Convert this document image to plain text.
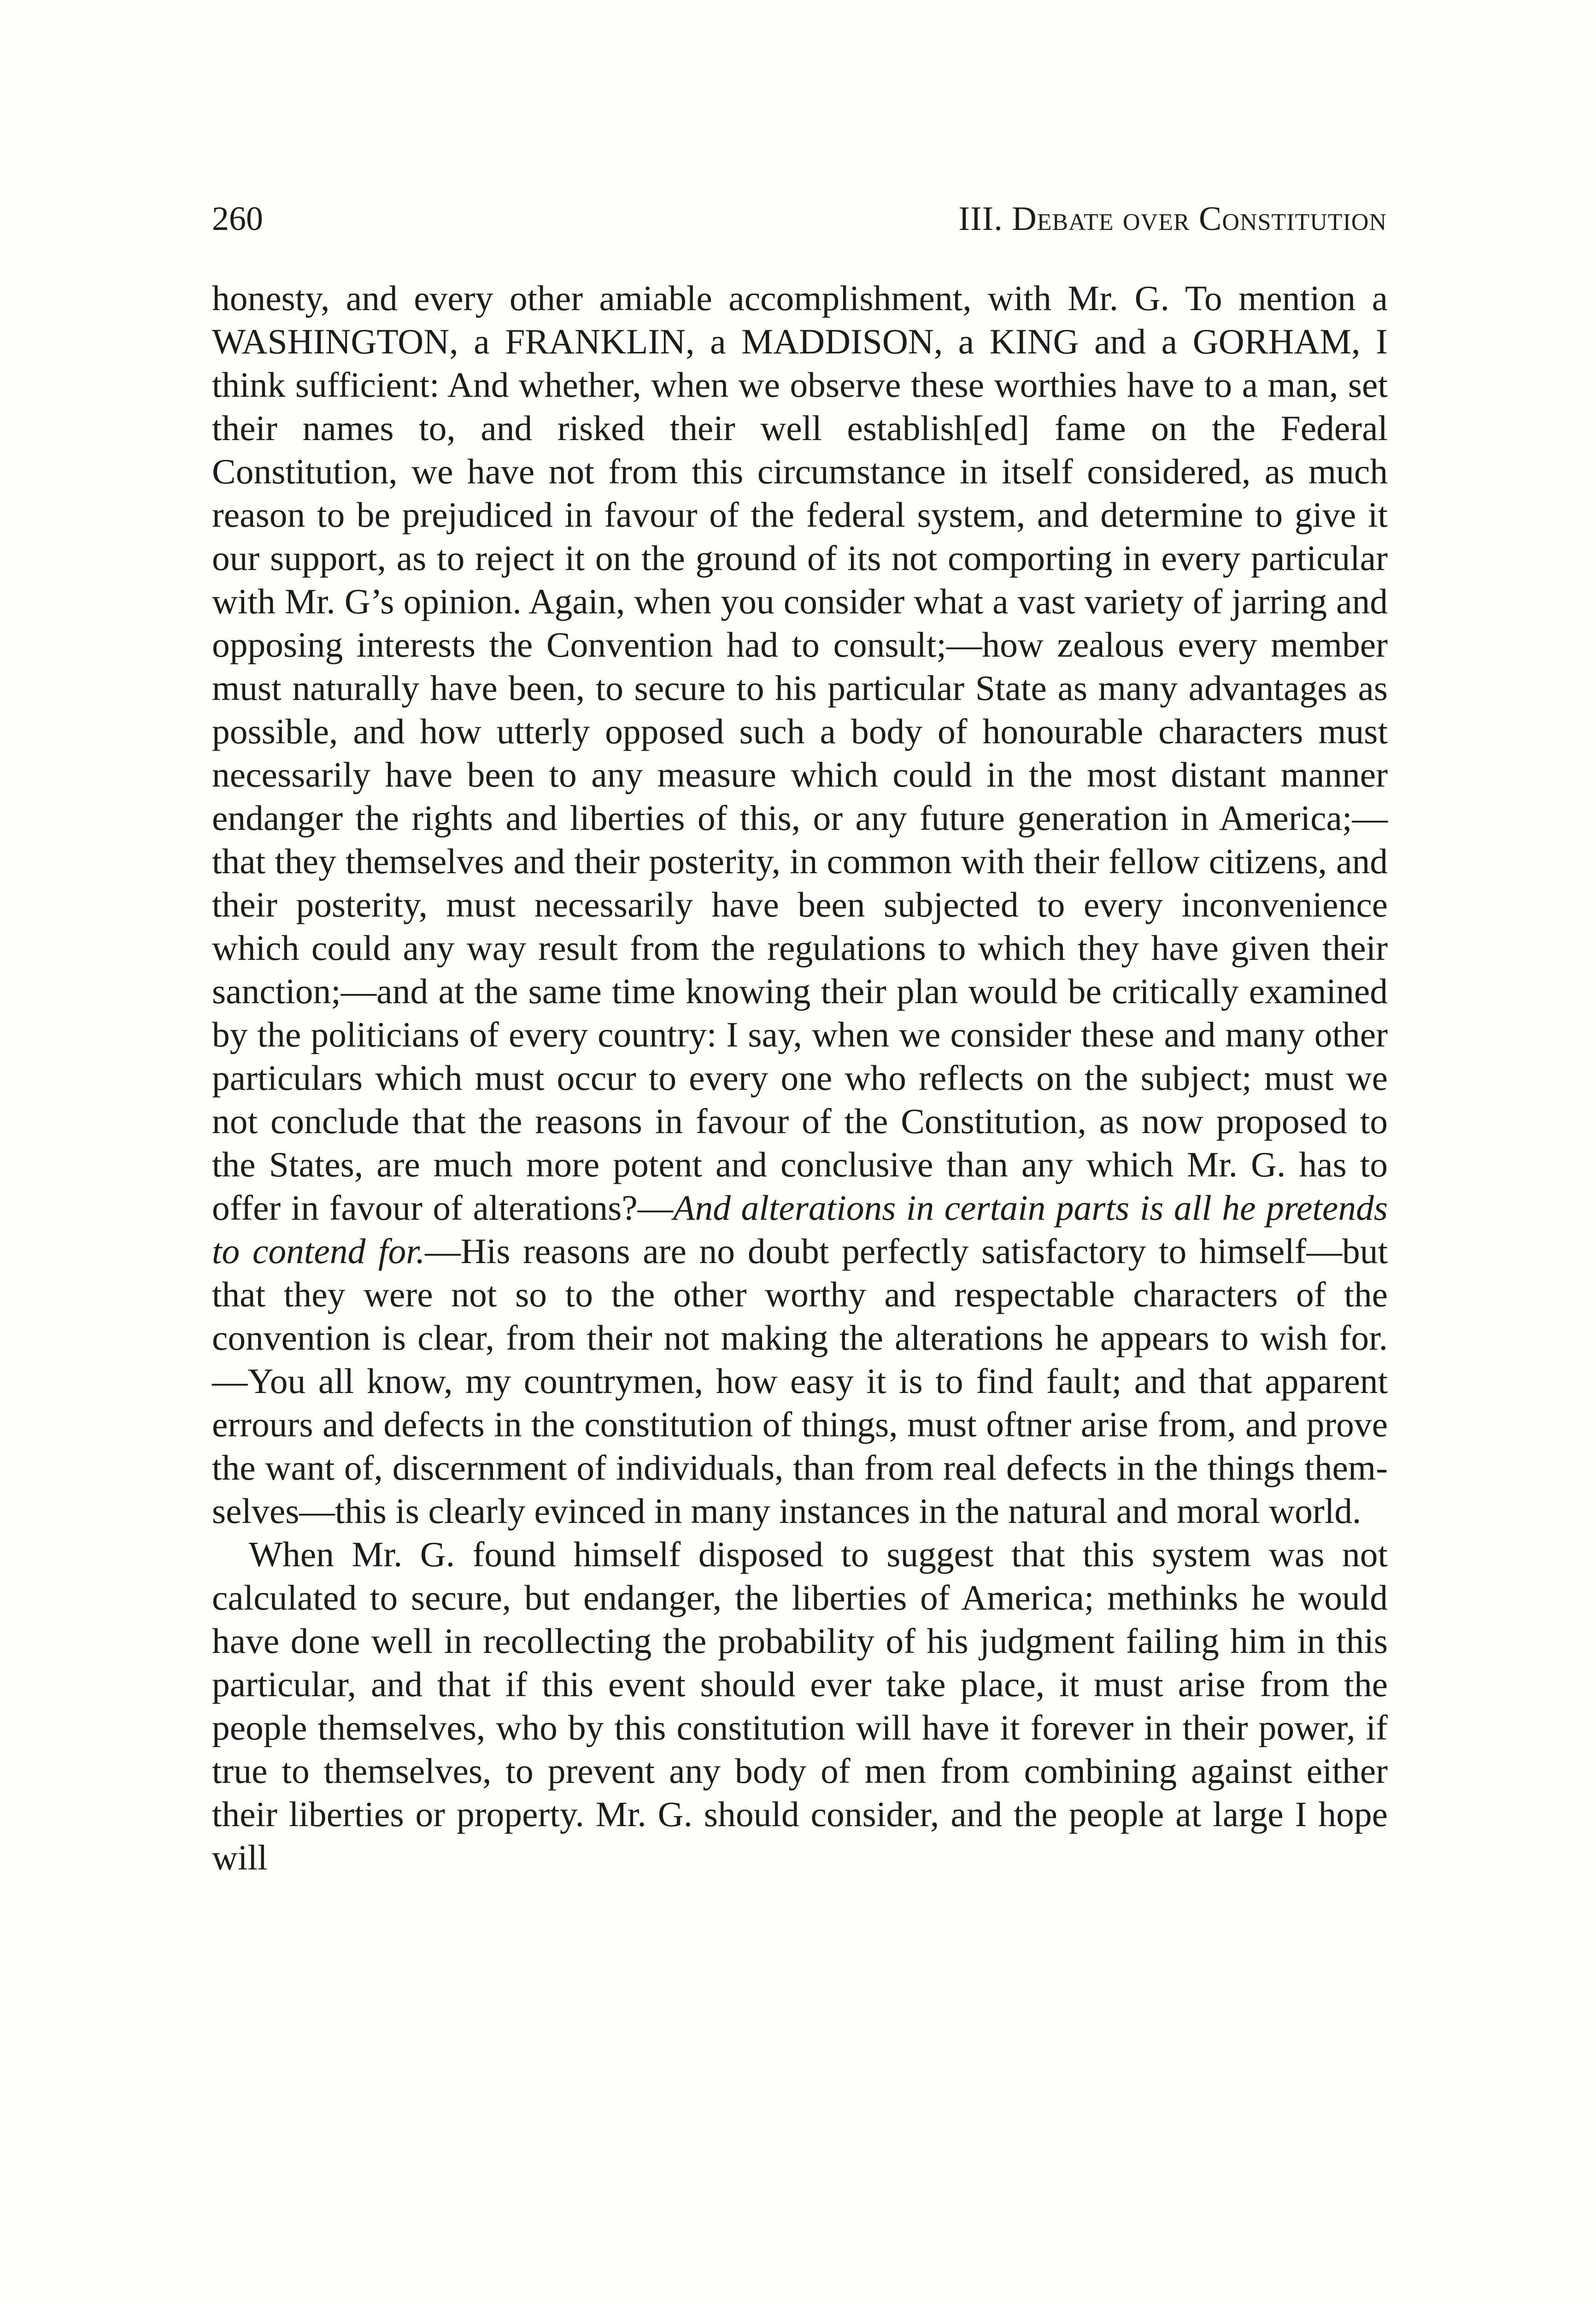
260	III. Debate over Constitution

honesty, and every other amiable accomplishment, with Mr. G. To mention a WASHINGTON, a FRANKLIN, a MADDISON, a KING and a GORHAM, I think sufficient: And whether, when we observe these worthies have to a man, set their names to, and risked their well establish[ed] fame on the Federal Constitution, we have not from this circumstance in itself considered, as much reason to be prejudiced in favour of the federal system, and determine to give it our support, as to reject it on the ground of its not comporting in every particular with Mr. G’s opinion. Again, when you consider what a vast variety of jarring and opposing interests the Convention had to consult;—how zealous every member must naturally have been, to secure to his particular State as many advantages as possible, and how utterly opposed such a body of honourable characters must necessarily have been to any measure which could in the most distant manner endanger the rights and liberties of this, or any future generation in America;—that they themselves and their posterity, in common with their fellow citizens, and their posterity, must necessarily have been subjected to every inconvenience which could any way result from the regulations to which they have given their sanction;—and at the same time knowing their plan would be critically examined by the politicians of every country: I say, when we consider these and many other particulars which must occur to every one who reflects on the subject; must we not conclude that the reasons in favour of the Constitution, as now proposed to the States, are much more potent and conclusive than any which Mr. G. has to offer in favour of alterations?—And alterations in certain parts is all he pretends to contend for.—His reasons are no doubt perfectly satisfactory to himself—but that they were not so to the other worthy and respectable characters of the convention is clear, from their not making the alterations he appears to wish for.—You all know, my countrymen, how easy it is to find fault; and that apparent errours and defects in the constitution of things, must oftner arise from, and prove the want of, discernment of individuals, than from real defects in the things themselves—this is clearly evinced in many instances in the natural and moral world.

When Mr. G. found himself disposed to suggest that this system was not calculated to secure, but endanger, the liberties of America; methinks he would have done well in recollecting the probability of his judgment failing him in this particular, and that if this event should ever take place, it must arise from the people themselves, who by this constitution will have it forever in their power, if true to themselves, to prevent any body of men from combining against either their liberties or property. Mr. G. should consider, and the people at large I hope will
